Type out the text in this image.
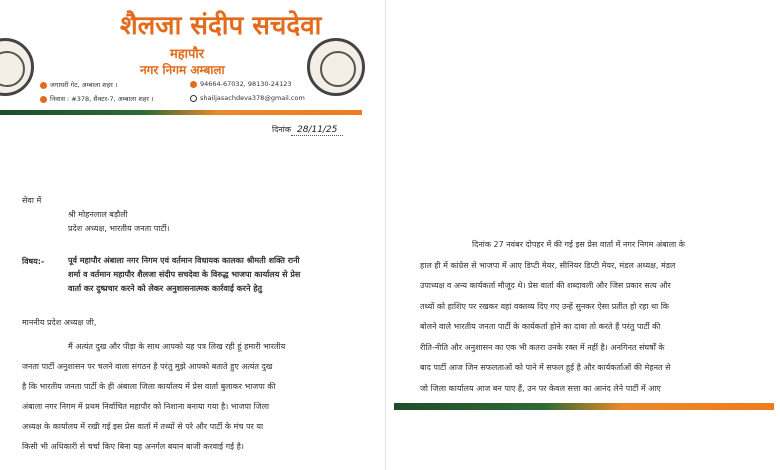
शैलजा संदीप सचदेवा
महापौर
नगर निगम अम्बाला
जगाधरी गेट, अम्बाला शहर ।
निवास : #378, सैक्टर-7, अम्बाला शहर ।
94664-67032, 98130-24123
shailjasachdeva378@gmail.com
दिनांक 28/11/25
सेवा में
श्री मोहनलाल बड़ौली
प्रदेश अध्यक्ष, भारतीय जनता पार्टी।
विषय:-	पूर्व महापौर अंबाला नगर निगम एवं वर्तमान विधायक कालका श्रीमती शक्ति रानी
शर्मा व वर्तमान महापौर शैलजा संदीप सचदेवा के विरुद्ध भाजपा कार्यालय से प्रेस
वार्ता कर दुष्प्रचार करने को लेकर अनुशासनात्मक कार्रवाई करने हेतु
माननीय प्रदेश अध्यक्ष जी,
मैं अत्यंत दुख और पीड़ा के साथ आपको यह पत्र लिख रही हूं हमारी भारतीय
जनता पार्टी अनुशासन पर चलने वाला संगठन है परंतु मुझे आपको बताते हुए अत्यंत दुख
है कि भारतीय जनता पार्टी के ही अंबाला जिला कार्यालय में प्रेस वार्ता बुलाकर भाजपा की
अंबाला नगर निगम में प्रथम निर्वाचित महापौर को निशाना बनाया गया है। भाजपा जिला
अध्यक्ष के कार्यालय में रखी गई इस प्रेस वार्ता में तथ्यों से परे और पार्टी के मंच पर या
किसी भी अधिकारी से चर्चा किए बिना यह अनर्गल बयान बाजी करवाई गई है।
दिनांक 27 नवंबर दोपहर में की गई इस प्रेस वार्ता में नगर निगम अंबाला के
हाल ही में कांग्रेस से भाजपा में आए डिप्टी मेयर, सीनियर डिप्टी मेयर, मंडल अध्यक्ष, मंडल
उपाध्यक्ष व अन्य कार्यकर्ता मौजूद थे। प्रेस वार्ता की शब्दावली और जिस प्रकार सत्य और
तथ्यों को हाशिए पर रखकर वहां वक्तव्य दिए गए उन्हें सुनकर ऐसा प्रतीत हो रहा था कि
बोलने वाले भारतीय जनता पार्टी के कार्यकर्ता होने का दावा तो करते हैं परंतु पार्टी की
रीति-नीति और अनुशासन का एक भी कतरा उनके रक्त में नहीं है। अनगिनत संघर्षों के
बाद पार्टी आज जिन सफलताओं को पाने में सफल हुई है और कार्यकर्ताओं की मेहनत से
जो जिला कार्यालय आज बन पाए हैं, उन पर केवल सत्ता का आनंद लेने पार्टी में आए
